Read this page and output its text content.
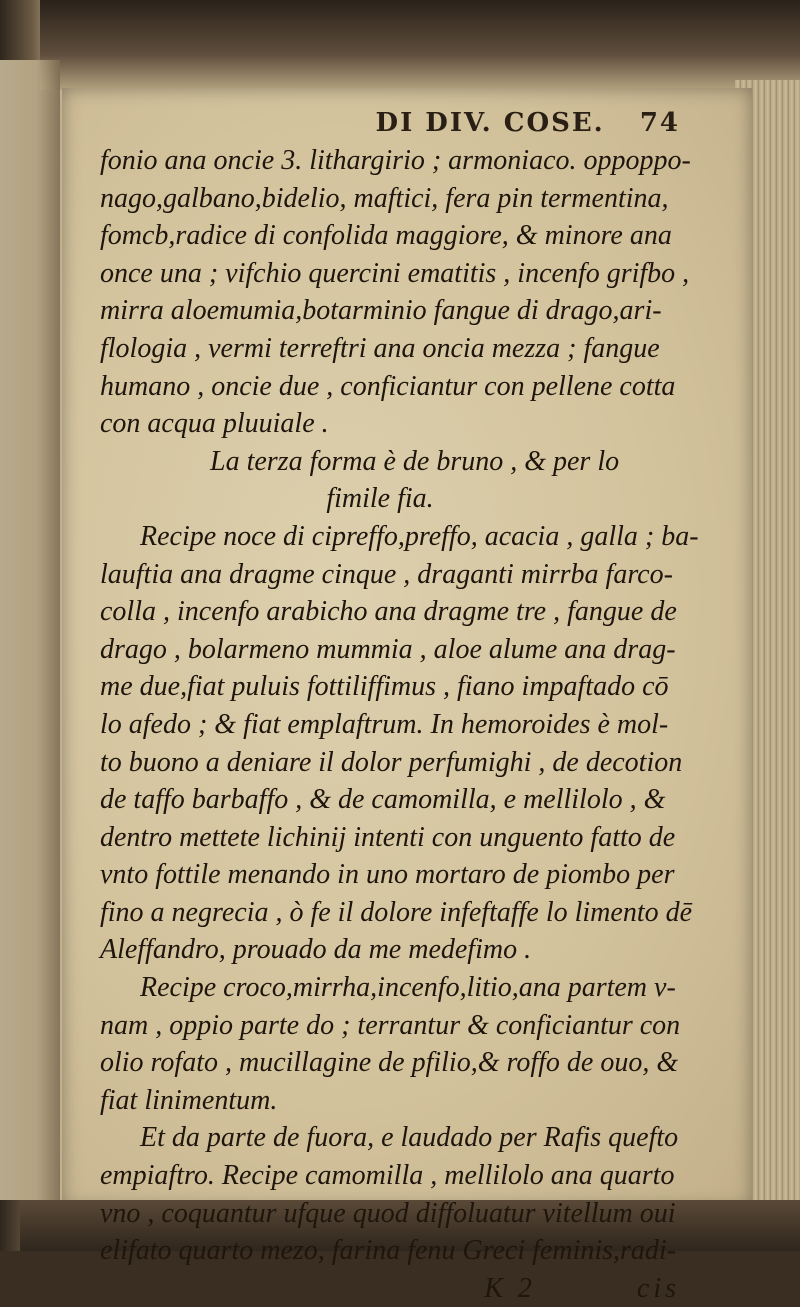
DI DIV. COSE. 74
fonio ana oncie 3. lithargirio ; armoniaco. oppoppo-
nago,galbano,bidelio, maftici, fera pin termentina,
fomcb,radice di confolida maggiore, & minore ana
once una ; vifchio quercini ematitis , incenfo grifbo ,
mirra aloemumia,botarminio fangue di drago,ari-
flologia , vermi terreftri ana oncia mezza ; fangue
humano , oncie due , conficiantur con pellene cotta
con acqua pluuiale .
La terza forma è de bruno , & per lo
fimile fia.
Recipe noce di cipreffo,preffo, acacia , galla ; ba-
lauftia ana dragme cinque , draganti mirrba farco-
colla , incenfo arabicho ana dragme tre , fangue de
drago , bolarmeno mummia , aloe alume ana drag-
me due,fiat puluis fottiliffimus , fiano impaftado cō
lo afedo ; & fiat emplaftrum. In hemoroides è mol-
to buono a deniare il dolor perfumighi , de decotion
de taffo barbaffo , & de camomilla, e mellilolo , &
dentro mettete lichinij intenti con unguento fatto de
vnto fottile menando in uno mortaro de piombo per
fino a negrecia , ò fe il dolore infeftaffe lo limento dē
Aleffandro, prouado da me medefimo .
Recipe croco,mirrha,incenfo,litio,ana partem v-
nam , oppio parte do ; terrantur & conficiantur con
olio rofato , mucillagine de pfilio,& roffo de ouo, &
fiat linimentum.
Et da parte de fuora, e laudado per Rafis quefto
empiaftro. Recipe camomilla , mellilolo ana quarto
vno , coquantur ufque quod diffoluatur vitellum oui
elifato quarto mezo, farina fenu Greci feminis,radi-
K 2	cis
